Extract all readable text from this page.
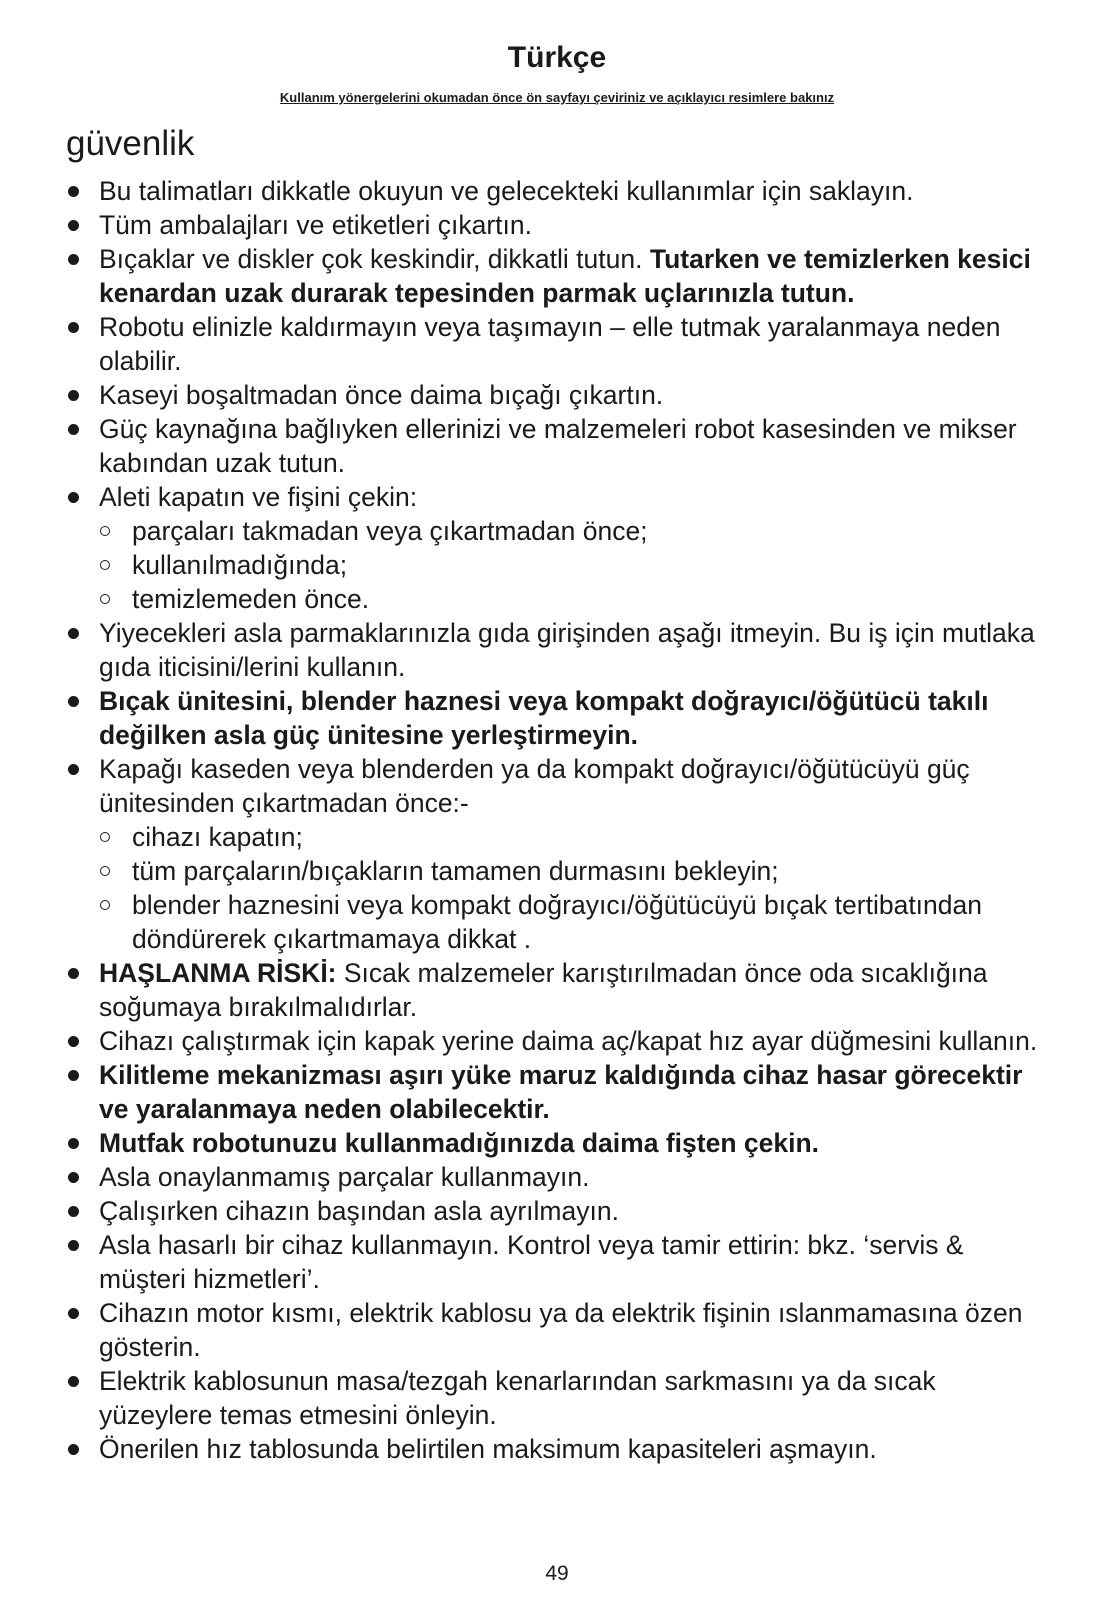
Türkçe
Kullanım yönergelerini okumadan önce ön sayfayı çeviriniz ve açıklayıcı resimlere bakınız
güvenlik
Bu talimatları dikkatle okuyun ve gelecekteki kullanımlar için saklayın.
Tüm ambalajları ve etiketleri çıkartın.
Bıçaklar ve diskler çok keskindir, dikkatli tutun. Tutarken ve temizlerken kesici kenardan uzak durarak tepesinden parmak uçlarınızla tutun.
Robotu elinizle kaldırmayın veya taşımayın – elle tutmak yaralanmaya neden olabilir.
Kaseyi boşaltmadan önce daima bıçağı çıkartın.
Güç kaynağına bağlıyken ellerinizi ve malzemeleri robot kasesinden ve mikser kabından uzak tutun.
Aleti kapatın ve fişini çekin:
parçaları takmadan veya çıkartmadan önce;
kullanılmadığında;
temizlemeden önce.
Yiyecekleri asla parmaklarınızla gıda girişinden aşağı itmeyin. Bu iş için mutlaka gıda iticisini/lerini kullanın.
Bıçak ünitesini, blender haznesi veya kompakt doğrayıcı/öğütücü takılı değilken asla güç ünitesine yerleştirmeyin.
Kapağı kaseden veya blenderden ya da kompakt doğrayıcı/öğütücüyü güç ünitesinden çıkartmadan önce:-
cihazı kapatın;
tüm parçaların/bıçakların tamamen durmasını bekleyin;
blender haznesini veya kompakt doğrayıcı/öğütücüyü bıçak tertibatından döndürerek çıkartmamaya dikkat .
HAŞLANMA RİSKİ: Sıcak malzemeler karıştırılmadan önce oda sıcaklığına soğumaya bırakılmalıdırlar.
Cihazı çalıştırmak için kapak yerine daima aç/kapat hız ayar düğmesini kullanın.
Kilitleme mekanizması aşırı yüke maruz kaldığında cihaz hasar görecektir ve yaralanmaya neden olabilecektir.
Mutfak robotunuzu kullanmadığınızda daima fişten çekin.
Asla onaylanmamış parçalar kullanmayın.
Çalışırken cihazın başından asla ayrılmayın.
Asla hasarlı bir cihaz kullanmayın. Kontrol veya tamir ettirin: bkz. ‘servis & müşteri hizmetleri’.
Cihazın motor kısmı, elektrik kablosu ya da elektrik fişinin ıslanmamasına özen gösterin.
Elektrik kablosunun masa/tezgah kenarlarından sarkmasını ya da sıcak yüzeylere temas etmesini önleyin.
Önerilen hız tablosunda belirtilen maksimum kapasiteleri aşmayın.
49
